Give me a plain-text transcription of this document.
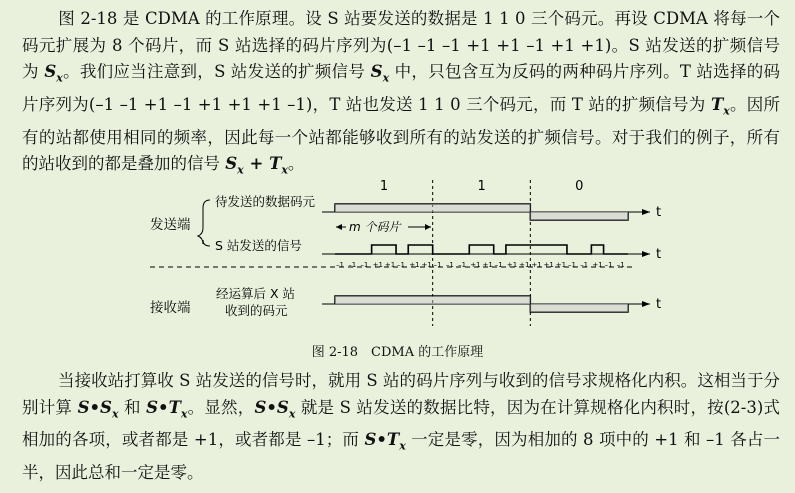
图 2-18 是 CDMA 的工作原理。设 S 站要发送的数据是 1 1 0 三个码元。再设 CDMA 将每一个码元扩展为 8 个码片，而 S 站选择的码片序列为(–1 –1 –1 +1 +1 –1 +1 +1)。S 站发送的扩频信号为 $S_x$。我们应当注意到，S 站发送的扩频信号 $S_x$ 中，只包含互为反码的两种码片序列。T 站选择的码片序列为(–1 –1 +1 –1 +1 +1 +1 –1)，T 站也发送 1 1 0 三个码元，而 T 站的扩频信号为 $T_x$。因所有的站都使用相同的频率，因此每一个站都能够收到所有的站发送的扩频信号。对于我们的例子，所有的站收到的都是叠加的信号 $S_x + T_x$。

发送端
接收端
待发送的数据码元
S 站发送的信号
经运算后 X 站
收到的码元
m 个码片
1	1	0
t
t
t
–1 –1 –1 +1 +1 –1 +1 +1 –1 –1 –1 +1 +1 –1 +1 +1 +1 +1 +1 –1 –1 +1 –1 –1
图 2-18　CDMA 的工作原理

当接收站打算收 S 站发送的信号时，就用 S 站的码片序列与收到的信号求规格化内积。这相当于分别计算 $S•S_x$ 和 $S•T_x$。显然，$S•S_x$ 就是 S 站发送的数据比特，因为在计算规格化内积时，按(2-3)式相加的各项，或者都是 +1，或者都是 –1；而 $S•T_x$ 一定是零，因为相加的 8 项中的 +1 和 –1 各占一半，因此总和一定是零。
